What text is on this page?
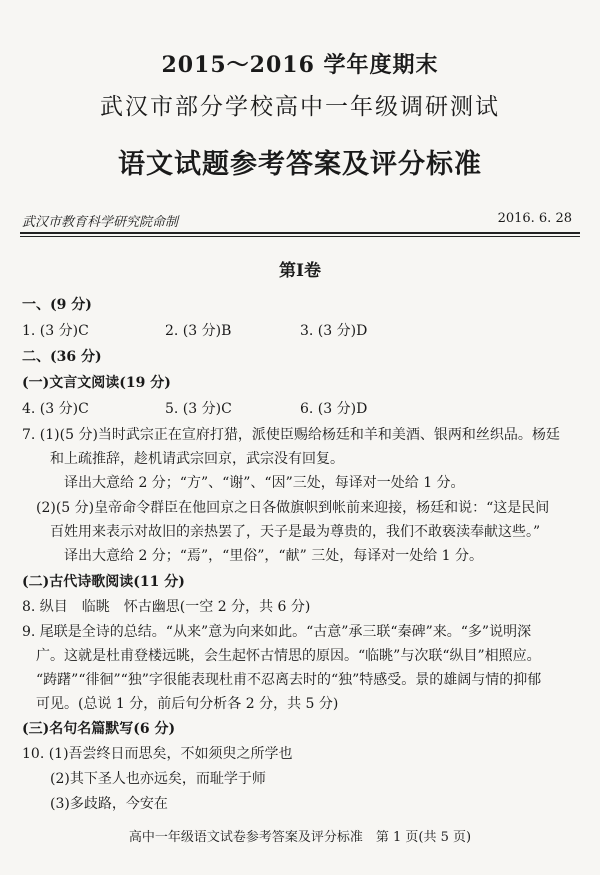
2015～2016 学年度期末
武汉市部分学校高中一年级调研测试
语文试题参考答案及评分标准
武汉市教育科学研究院命制	2016. 6. 28
第Ⅰ卷
一、(9 分)
1. (3 分)C	2. (3 分)B	3. (3 分)D
二、(36 分)
(一)文言文阅读(19 分)
4. (3 分)C	5. (3 分)C	6. (3 分)D
7. (1)(5 分)当时武宗正在宣府打猎，派使臣赐给杨廷和羊和美酒、银两和丝织品。杨廷
和上疏推辞，趁机请武宗回京，武宗没有回复。
译出大意给 2 分；“方”、“谢”、“因”三处，每译对一处给 1 分。
(2)(5 分)皇帝命令群臣在他回京之日各做旗帜到帐前来迎接，杨廷和说：“这是民间
百姓用来表示对故旧的亲热罢了，天子是最为尊贵的，我们不敢亵渎奉献这些。”
译出大意给 2 分；“焉”，“里俗”，“献” 三处，每译对一处给 1 分。
(二)古代诗歌阅读(11 分)
8. 纵目　临眺　怀古幽思(一空 2 分，共 6 分)
9. 尾联是全诗的总结。“从来”意为向来如此。“古意”承三联“秦碑”来。“多”说明深
广。这就是杜甫登楼远眺，会生起怀古情思的原因。“临眺”与次联“纵目”相照应。
“踌躇”“徘徊”“独”字很能表现杜甫不忍离去时的“独”特感受。景的雄阔与情的抑郁
可见。(总说 1 分，前后句分析各 2 分，共 5 分)
(三)名句名篇默写(6 分)
10. (1)吾尝终日而思矣，不如须臾之所学也
(2)其下圣人也亦远矣，而耻学于师
(3)多歧路，今安在
高中一年级语文试卷参考答案及评分标准　第 1 页(共 5 页)
